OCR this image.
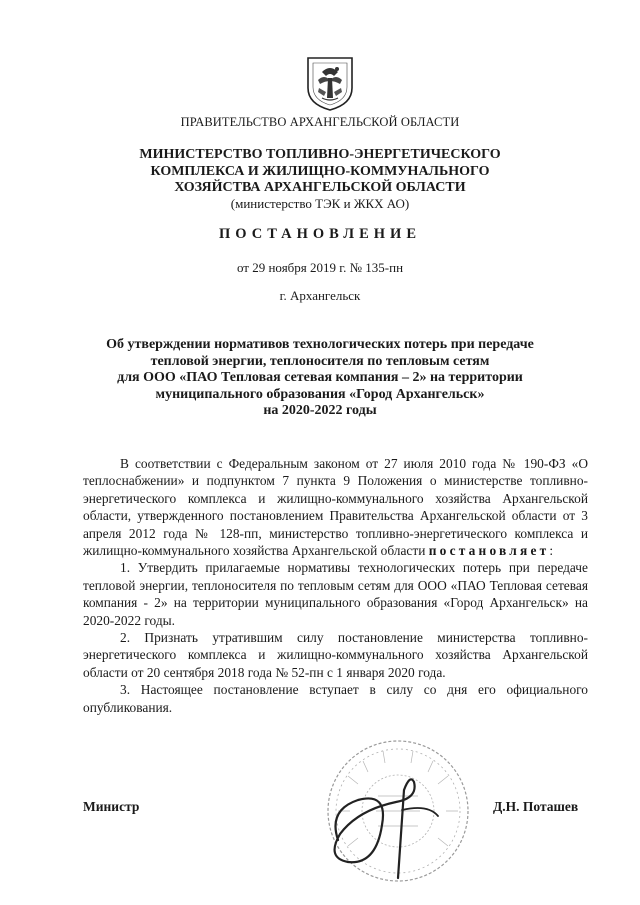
ПРАВИТЕЛЬСТВО АРХАНГЕЛЬСКОЙ ОБЛАСТИ
МИНИСТЕРСТВО ТОПЛИВНО-ЭНЕРГЕТИЧЕСКОГО
КОМПЛЕКСА И ЖИЛИЩНО-КОММУНАЛЬНОГО
ХОЗЯЙСТВА АРХАНГЕЛЬСКОЙ ОБЛАСТИ
(министерство ТЭК и ЖКХ АО)
ПОСТАНОВЛЕНИЕ
от 29 ноября 2019 г. № 135-пн
г. Архангельск
Об утверждении нормативов технологических потерь при передаче
тепловой энергии, теплоносителя по тепловым сетям
для ООО «ПАО Тепловая сетевая компания – 2» на территории
муниципального образования «Город Архангельск»
на 2020-2022 годы

В соответствии с Федеральным законом от 27 июля 2010 года № 190-ФЗ «О теплоснабжении» и подпунктом 7 пункта 9 Положения о министерстве топливно-энергетического комплекса и жилищно-коммунального хозяйства Архангельской области, утвержденного постановлением Правительства Архангельской области от 3 апреля 2012 года № 128-пп, министерство топливно-энергетического комплекса и жилищно-коммунального хозяйства Архангельской области постановляет:

1. Утвердить прилагаемые нормативы технологических потерь при передаче тепловой энергии, теплоносителя по тепловым сетям для ООО «ПАО Тепловая сетевая компания - 2» на территории муниципального образования «Город Архангельск» на 2020-2022 годы.

2. Признать утратившим силу постановление министерства топливно-энергетического комплекса и жилищно-коммунального хозяйства Архангельской области от 20 сентября 2018 года № 52-пн с 1 января 2020 года.

3. Настоящее постановление вступает в силу со дня его официального опубликования.

Министр	Д.Н. Поташев
